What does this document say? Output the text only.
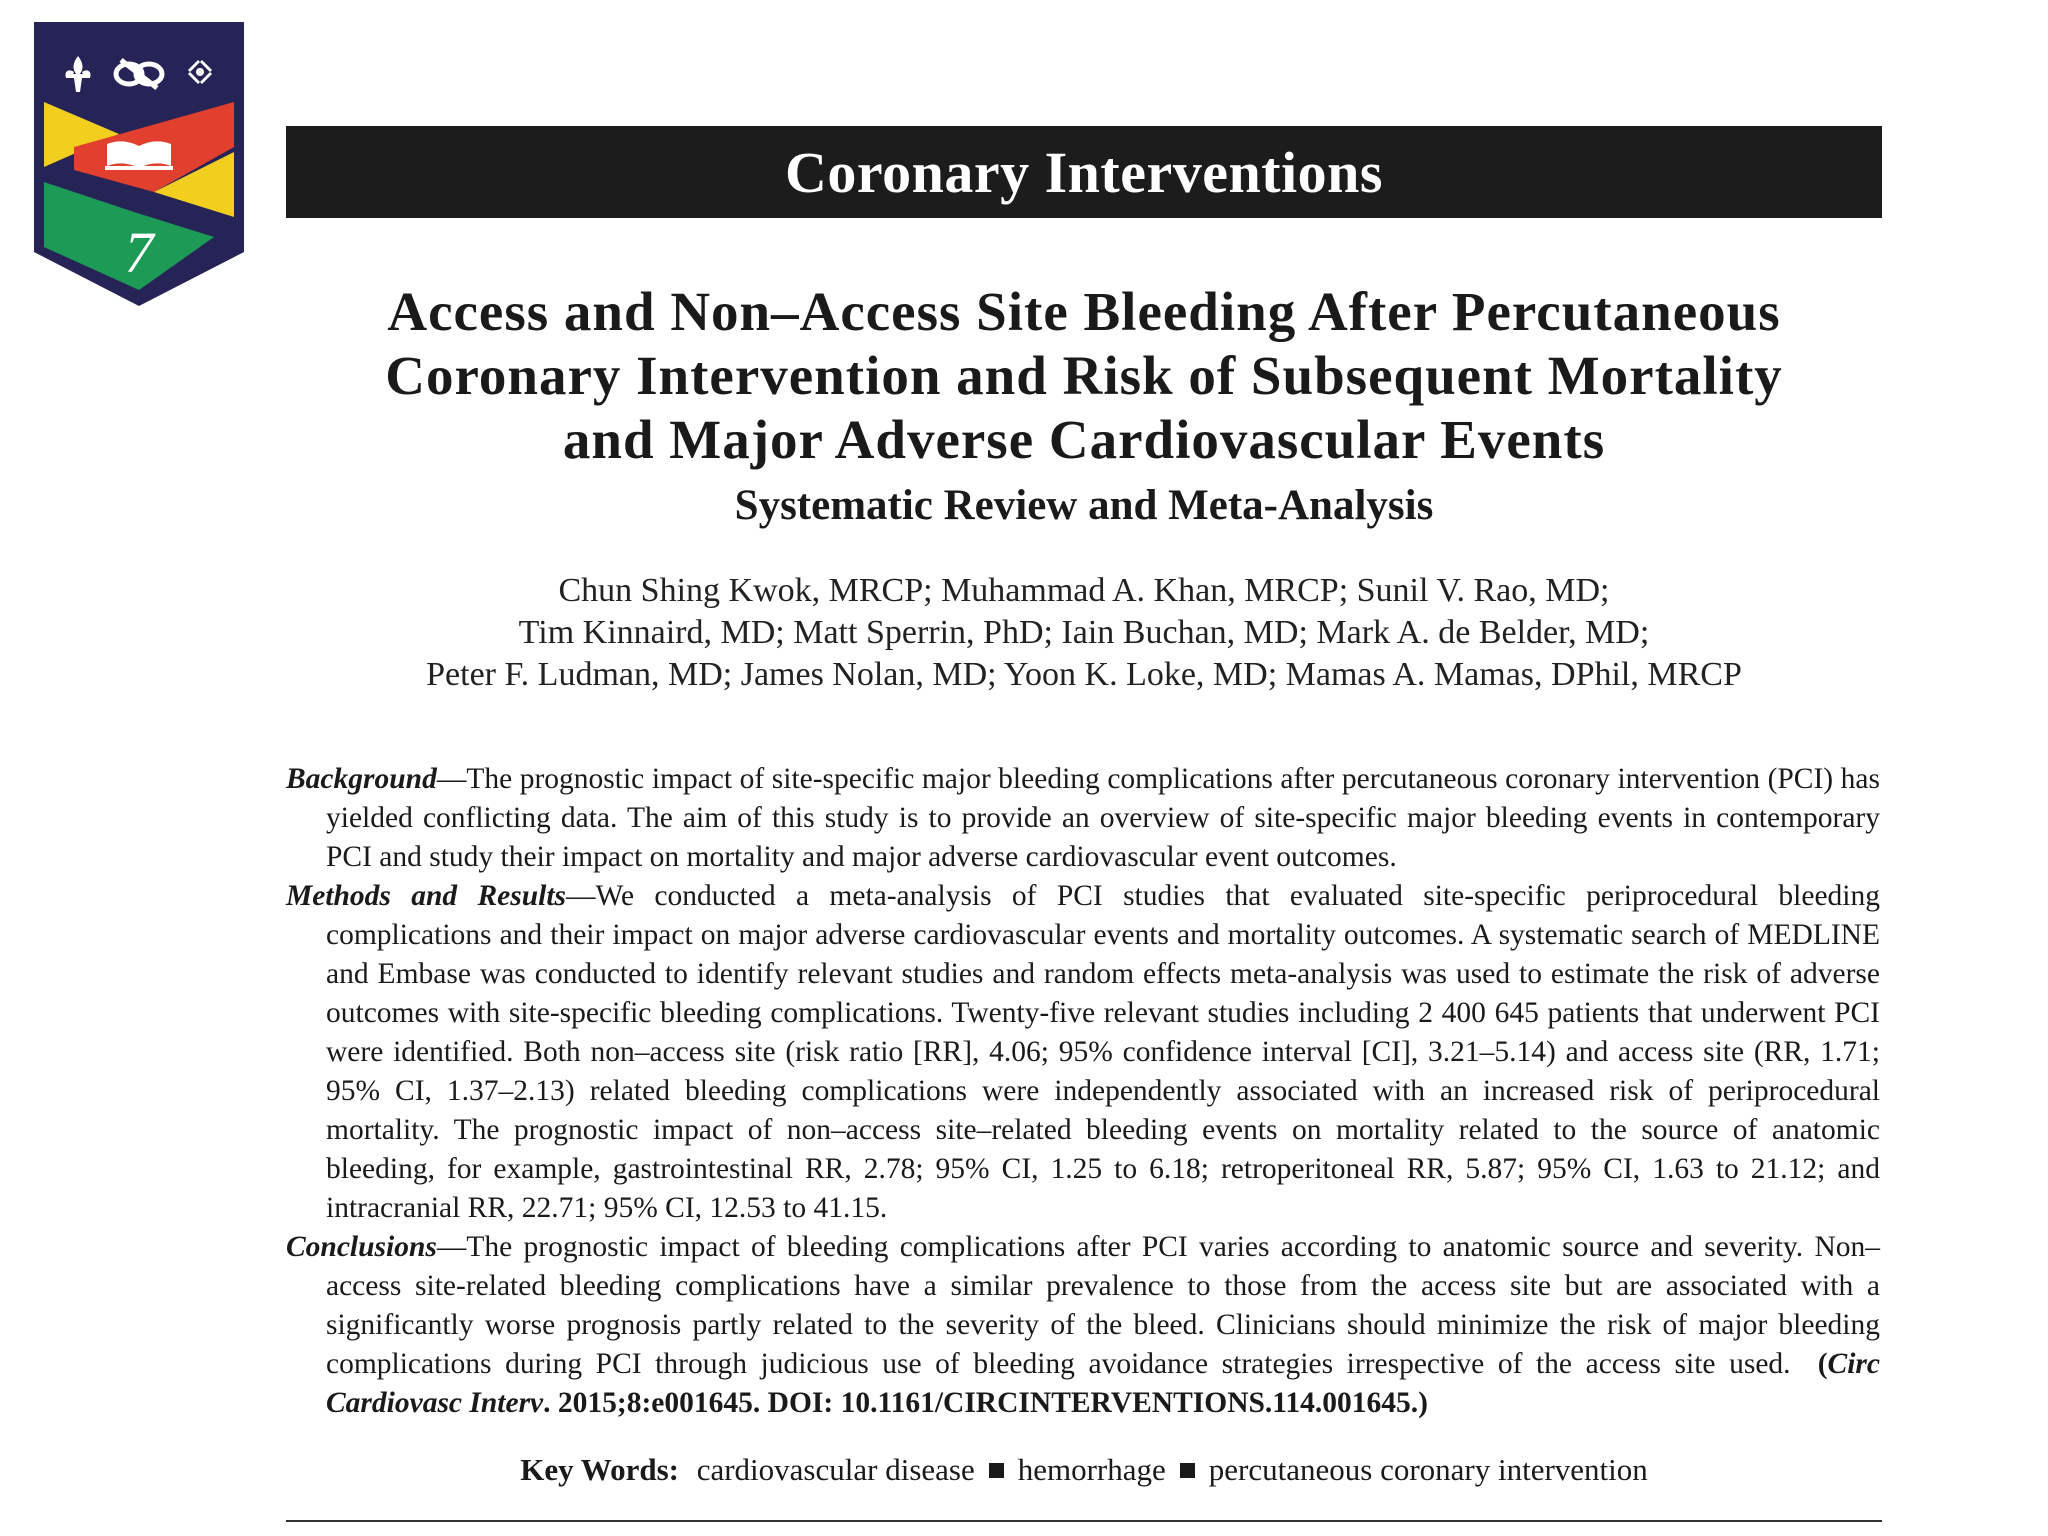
7
Coronary Interventions
Access and Non–Access Site Bleeding After Percutaneous
Coronary Intervention and Risk of Subsequent Mortality
and Major Adverse Cardiovascular Events
Systematic Review and Meta-Analysis
Chun Shing Kwok, MRCP; Muhammad A. Khan, MRCP; Sunil V. Rao, MD;
Tim Kinnaird, MD; Matt Sperrin, PhD; Iain Buchan, MD; Mark A. de Belder, MD;
Peter F. Ludman, MD; James Nolan, MD; Yoon K. Loke, MD; Mamas A. Mamas, DPhil, MRCP

Background—The prognostic impact of site-specific major bleeding complications after percutaneous coronary intervention (PCI) has yielded conflicting data. The aim of this study is to provide an overview of site-specific major bleeding events in contemporary PCI and study their impact on mortality and major adverse cardiovascular event outcomes.

Methods and Results—We conducted a meta-analysis of PCI studies that evaluated site-specific periprocedural bleeding complications and their impact on major adverse cardiovascular events and mortality outcomes. A systematic search of MEDLINE and Embase was conducted to identify relevant studies and random effects meta-analysis was used to estimate the risk of adverse outcomes with site-specific bleeding complications. Twenty-five relevant studies including 2 400 645 patients that underwent PCI were identified. Both non–access site (risk ratio [RR], 4.06; 95% confidence interval [CI], 3.21–5.14) and access site (RR, 1.71; 95% CI, 1.37–2.13) related bleeding complications were independently associated with an increased risk of periprocedural mortality. The prognostic impact of non–access site–related bleeding events on mortality related to the source of anatomic bleeding, for example, gastrointestinal RR, 2.78; 95% CI, 1.25 to 6.18; retroperitoneal RR, 5.87; 95% CI, 1.63 to 21.12; and intracranial RR, 22.71; 95% CI, 12.53 to 41.15.

Conclusions—The prognostic impact of bleeding complications after PCI varies according to anatomic source and severity. Non–access site-related bleeding complications have a similar prevalence to those from the access site but are associated with a significantly worse prognosis partly related to the severity of the bleed. Clinicians should minimize the risk of major bleeding complications during PCI through judicious use of bleeding avoidance strategies irrespective of the access site used. (Circ Cardiovasc Interv. 2015;8:e001645. DOI: 10.1161/CIRCINTERVENTIONS.114.001645.)

Key Words: cardiovascular disease hemorrhage percutaneous coronary intervention
